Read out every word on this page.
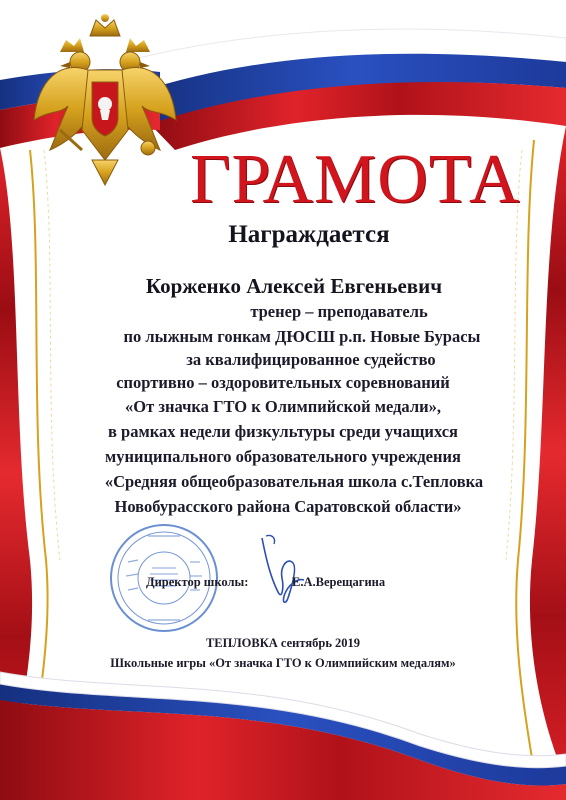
ГРАМОТА
Награждается
Корженко Алексей Евгеньевич
тренер – преподаватель
по лыжным гонкам ДЮСШ р.п. Новые Бурасы
за квалифицированное судейство
спортивно – оздоровительных соревнований
«От значка ГТО к Олимпийской медали»,
в рамках недели физкультуры среди учащихся
муниципального образовательного учреждения
«Средняя общеобразовательная школа с.Тепловка
Новобурасского района Саратовской области»
Директор школы:	Е.А.Верещагина
ТЕПЛОВКА сентябрь 2019
Школьные игры «От значка ГТО к Олимпийским медалям»
